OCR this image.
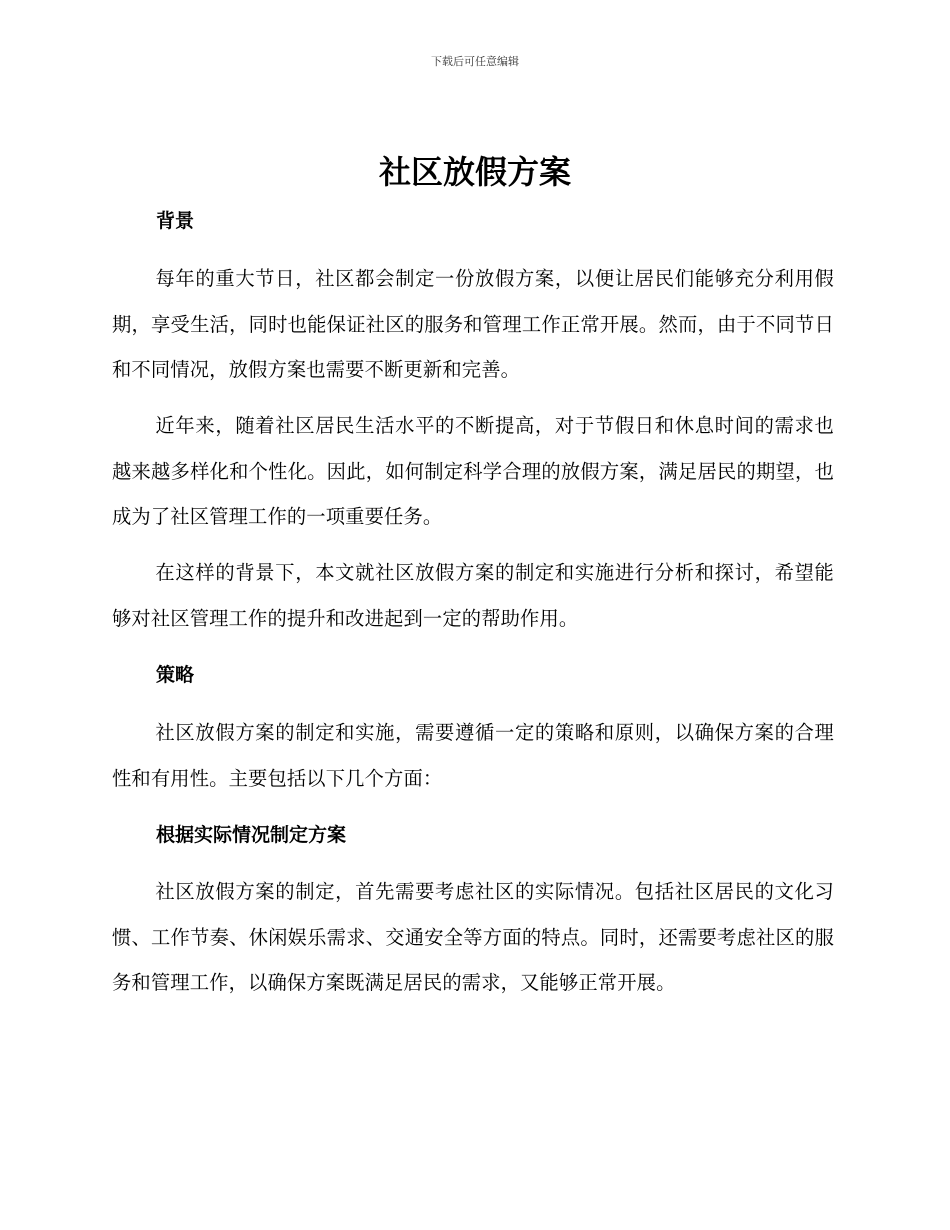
下载后可任意编辑
社区放假方案
背景

每年的重大节日，社区都会制定一份放假方案，以便让居民们能够充分利用假期，享受生活，同时也能保证社区的服务和管理工作正常开展。然而，由于不同节日和不同情况，放假方案也需要不断更新和完善。

近年来，随着社区居民生活水平的不断提高，对于节假日和休息时间的需求也越来越多样化和个性化。因此，如何制定科学合理的放假方案，满足居民的期望，也成为了社区管理工作的一项重要任务。

在这样的背景下，本文就社区放假方案的制定和实施进行分析和探讨，希望能够对社区管理工作的提升和改进起到一定的帮助作用。

策略

社区放假方案的制定和实施，需要遵循一定的策略和原则，以确保方案的合理性和有用性。主要包括以下几个方面：

根据实际情况制定方案

社区放假方案的制定，首先需要考虑社区的实际情况。包括社区居民的文化习惯、工作节奏、休闲娱乐需求、交通安全等方面的特点。同时，还需要考虑社区的服务和管理工作，以确保方案既满足居民的需求，又能够正常开展。
